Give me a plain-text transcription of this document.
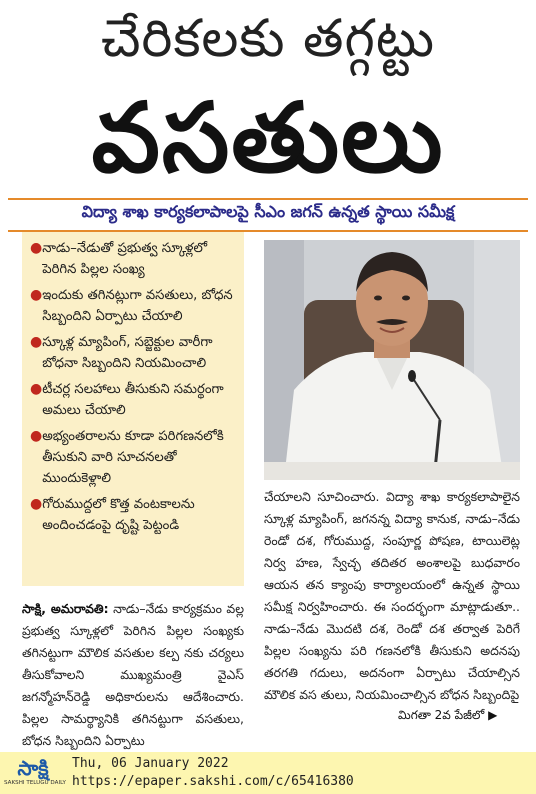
చేరికలకు తగ్గట్టు
వసతులు
విద్యా శాఖ కార్యకలాపాలపై సీఎం జగన్ ఉన్నత స్థాయి సమీక్ష
● నాడు–నేడుతో ప్రభుత్వ స్కూళ్లలో పెరిగిన పిల్లల సంఖ్య
● ఇందుకు తగినట్లుగా వసతులు, బోధన సిబ్బందిని ఏర్పాటు చేయాలి
● స్కూళ్ల మ్యాపింగ్, సబ్జెక్టుల వారీగా బోధనా సిబ్బందిని నియమించాలి
● టీచర్ల సలహాలు తీసుకుని సమర్థంగా అమలు చేయాలి
● అభ్యంతరాలను కూడా పరిగణనలోకి తీసుకుని వారి సూచనలతో ముందుకెళ్లాలి
● గోరుముద్దలో కొత్త వంటకాలను అందించడంపై దృష్టి పెట్టండి
సాక్షి, అమరావతి: నాడు–నేడు కార్యక్రమం వల్ల ప్రభుత్వ స్కూళ్లలో పెరిగిన పిల్లల సంఖ్యకు తగినట్టుగా మౌలిక వసతుల కల్ప నకు చర్యలు తీసుకోవాలని ముఖ్యమంత్రి వైఎస్ జగన్మోహన్‌రెడ్డి అధికారులను ఆదేశించారు. పిల్లల సామర్థ్యానికి తగినట్టుగా వసతులు, బోధన సిబ్బందిని ఏర్పాటు
చేయాలని సూచించారు. విద్యా శాఖ కార్యకలాపాలైన స్కూళ్ల మ్యాపింగ్, జగనన్న విద్యా కానుక, నాడు–నేడు రెండో దశ, గోరుముద్ద, సంపూర్ణ పోషణ, టాయిలెట్ల నిర్వ హణ, స్వేచ్ఛ తదితర అంశాలపై బుధవారం ఆయన తన క్యాంపు కార్యాలయంలో ఉన్నత స్థాయి సమీక్ష నిర్వహించారు. ఈ సందర్భంగా మాట్లాడుతూ.. నాడు–నేడు మొదటి దశ, రెండో దశ తర్వాత పెరిగే పిల్లల సంఖ్యను పరి గణనలోకి తీసుకుని అదనపు తరగతి గదులు, అదనంగా ఏర్పాటు చేయాల్సిన మౌలిక వస తులు, నియమించాల్సిన బోధన సిబ్బందిపై
మిగతా 2వ పేజీలో ▶
సాక్షి
SAKSHI TELUGU DAILY
Thu, 06 January 2022
https://epaper.sakshi.com/c/65416380
